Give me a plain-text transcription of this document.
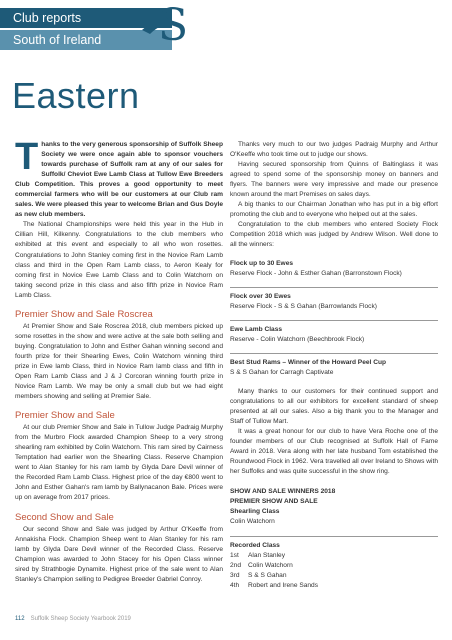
Club reports
South of Ireland	S
Eastern

Thanks to the very generous sponsorship of Suffolk Sheep Society we were once again able to sponsor vouchers towards purchase of Suffolk ram at any of our sales for Suffolk/ Cheviot Ewe Lamb Class at Tullow Ewe Breeders Club Competition. This proves a good opportunity to meet commercial farmers who will be our customers at our Club ram sales. We were pleased this year to welcome Brian and Gus Doyle as new club members.

The National Championships were held this year in the Hub in Cillian Hill, Kilkenny. Congratulations to the club members who exhibited at this event and especially to all who won rosettes. Congratulations to John Stanley coming first in the Novice Ram Lamb class and third in the Open Ram Lamb class, to Aeron Kealy for coming first in Novice Ewe Lamb Class and to Colin Watchorn on taking second prize in this class and also fifth prize in Novice Ram Lamb Class.

Premier Show and Sale Roscrea

At Premier Show and Sale Roscrea 2018, club members picked up some rosettes in the show and were active at the sale both selling and buying. Congratulation to John and Esther Gahan winning second and fourth prize for their Shearling Ewes, Colin Watchorn winning third prize in Ewe lamb Class, third in Novice Ram lamb class and fifth in Open Ram Lamb Class and J & J Corcoran winning fourth prize in Novice Ram Lamb. We may be only a small club but we had eight members showing and selling at Premier Sale.

Premier Show and Sale

At our club Premier Show and Sale in Tullow Judge Padraig Murphy from the Murbro Flock awarded Champion Sheep to a very strong shearling ram exhibited by Colin Watchorn. This ram sired by Cairness Temptation had earlier won the Shearling Class. Reserve Champion went to Alan Stanley for his ram lamb by Glyda Dare Devil winner of the Recorded Ram Lamb Class. Highest price of the day €800 went to John and Esther Gahan's ram lamb by Ballynacanon Bale. Prices were up on average from 2017 prices.

Second Show and Sale

Our second Show and Sale was judged by Arthur O'Keeffe from Annakisha Flock. Champion Sheep went to Alan Stanley for his ram lamb by Glyda Dare Devil winner of the Recorded Class. Reserve Champion was awarded to John Stacey for his Open Class winner sired by Strathbogie Dynamite. Highest price of the sale went to Alan Stanley's Champion selling to Pedigree Breeder Gabriel Conroy.

Thanks very much to our two judges Padraig Murphy and Arthur O'Keeffe who took time out to judge our shows.

Having secured sponsorship from Quinns of Baltinglass it was agreed to spend some of the sponsorship money on banners and flyers. The banners were very impressive and made our presence known around the mart Premises on sales days.

A big thanks to our Chairman Jonathan who has put in a big effort promoting the club and to everyone who helped out at the sales.

Congratulation to the club members who entered Society Flock Competition 2018 which was judged by Andrew Wilson. Well done to all the winners:

Flock up to 30 Ewes
Reserve Flock - John & Esther Gahan (Barronstown Flock)
Flock over 30 Ewes
Reserve Flock - S & S Gahan (Barrowlands Flock)
Ewe Lamb Class
Reserve - Colin Watchorn (Beechbrook Flock)
Best Stud Rams – Winner of the Howard Peel Cup
S & S Gahan for Carragh Captivate

Many thanks to our customers for their continued support and congratulations to all our exhibitors for excellent standard of sheep presented at all our sales. Also a big thank you to the Manager and Staff of Tullow Mart.

It was a great honour for our club to have Vera Roche one of the founder members of our Club recognised at Suffolk Hall of Fame Award in 2018. Vera along with her late husband Tom established the Roundwood Flock in 1962. Vera travelled all over Ireland to Shows with her Suffolks and was quite successful in the show ring.

SHOW AND SALE WINNERS 2018
PREMIER SHOW AND SALE
Shearling Class
Colin Watchorn
Recorded Class
1st	Alan Stanley
2nd	Colin Watchorn
3rd	S & S Gahan
4th	Robert and Irene Sands
112 Suffolk Sheep Society Yearbook 2019
